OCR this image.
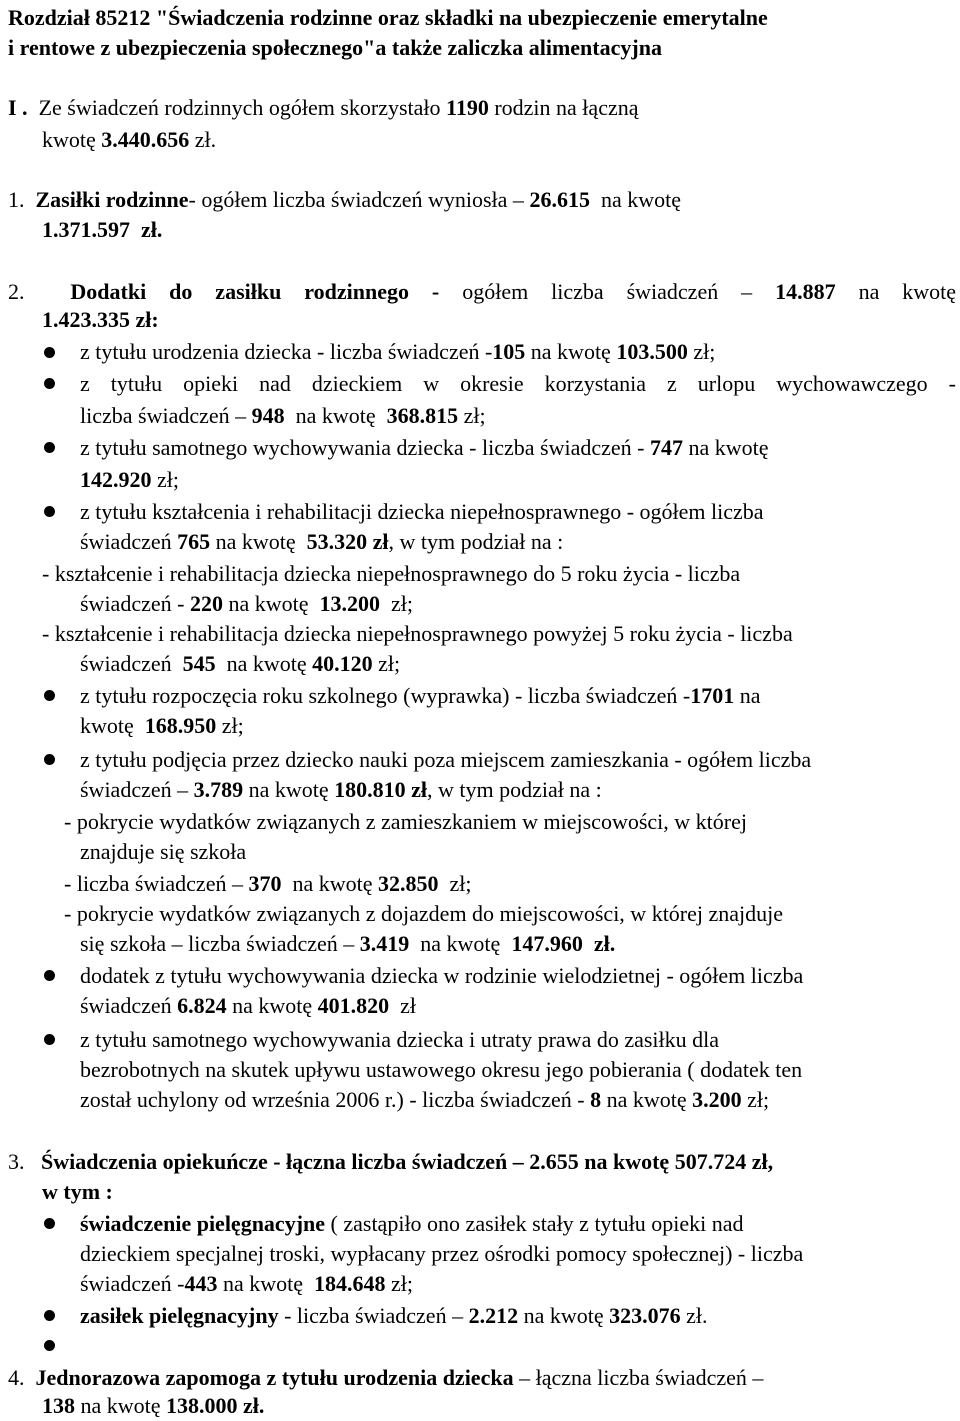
Rozdział 85212 "Świadczenia rodzinne oraz składki na ubezpieczenie emerytalne

i rentowe z ubezpieczenia społecznego"a także zaliczka alimentacyjna

I . Ze świadczeń rodzinnych ogółem skorzystało 1190 rodzin na łączną

kwotę 3.440.656 zł.

1. Zasiłki rodzinne- ogółem liczba świadczeń wyniosła – 26.615 na kwotę

1.371.597 zł.

2. Dodatki do zasiłku rodzinnego - ogółem liczba świadczeń – 14.887 na kwotę

1.423.335 zł:

z tytułu urodzenia dziecka - liczba świadczeń -105 na kwotę 103.500 zł;

z tytułu opieki nad dzieckiem w okresie korzystania z urlopu wychowawczego -

liczba świadczeń – 948 na kwotę 368.815 zł;

z tytułu samotnego wychowywania dziecka - liczba świadczeń - 747 na kwotę

142.920 zł;

z tytułu kształcenia i rehabilitacji dziecka niepełnosprawnego - ogółem liczba

świadczeń 765 na kwotę 53.320 zł, w tym podział na :

- kształcenie i rehabilitacja dziecka niepełnosprawnego do 5 roku życia - liczba

świadczeń - 220 na kwotę 13.200 zł;

- kształcenie i rehabilitacja dziecka niepełnosprawnego powyżej 5 roku życia - liczba

świadczeń 545 na kwotę 40.120 zł;

z tytułu rozpoczęcia roku szkolnego (wyprawka) - liczba świadczeń -1701 na

kwotę 168.950 zł;

z tytułu podjęcia przez dziecko nauki poza miejscem zamieszkania - ogółem liczba

świadczeń – 3.789 na kwotę 180.810 zł, w tym podział na :

- pokrycie wydatków związanych z zamieszkaniem w miejscowości, w której

znajduje się szkoła

- liczba świadczeń – 370 na kwotę 32.850 zł;

- pokrycie wydatków związanych z dojazdem do miejscowości, w której znajduje

się szkoła – liczba świadczeń – 3.419 na kwotę 147.960 zł.

dodatek z tytułu wychowywania dziecka w rodzinie wielodzietnej - ogółem liczba

świadczeń 6.824 na kwotę 401.820 zł

z tytułu samotnego wychowywania dziecka i utraty prawa do zasiłku dla

bezrobotnych na skutek upływu ustawowego okresu jego pobierania ( dodatek ten

został uchylony od września 2006 r.) - liczba świadczeń - 8 na kwotę 3.200 zł;

3. Świadczenia opiekuńcze - łączna liczba świadczeń – 2.655 na kwotę 507.724 zł,

w tym :

świadczenie pielęgnacyjne ( zastąpiło ono zasiłek stały z tytułu opieki nad

dzieckiem specjalnej troski, wypłacany przez ośrodki pomocy społecznej) - liczba

świadczeń -443 na kwotę 184.648 zł;

zasiłek pielęgnacyjny - liczba świadczeń – 2.212 na kwotę 323.076 zł.

4. Jednorazowa zapomoga z tytułu urodzenia dziecka – łączna liczba świadczeń –

138 na kwotę 138.000 zł.
